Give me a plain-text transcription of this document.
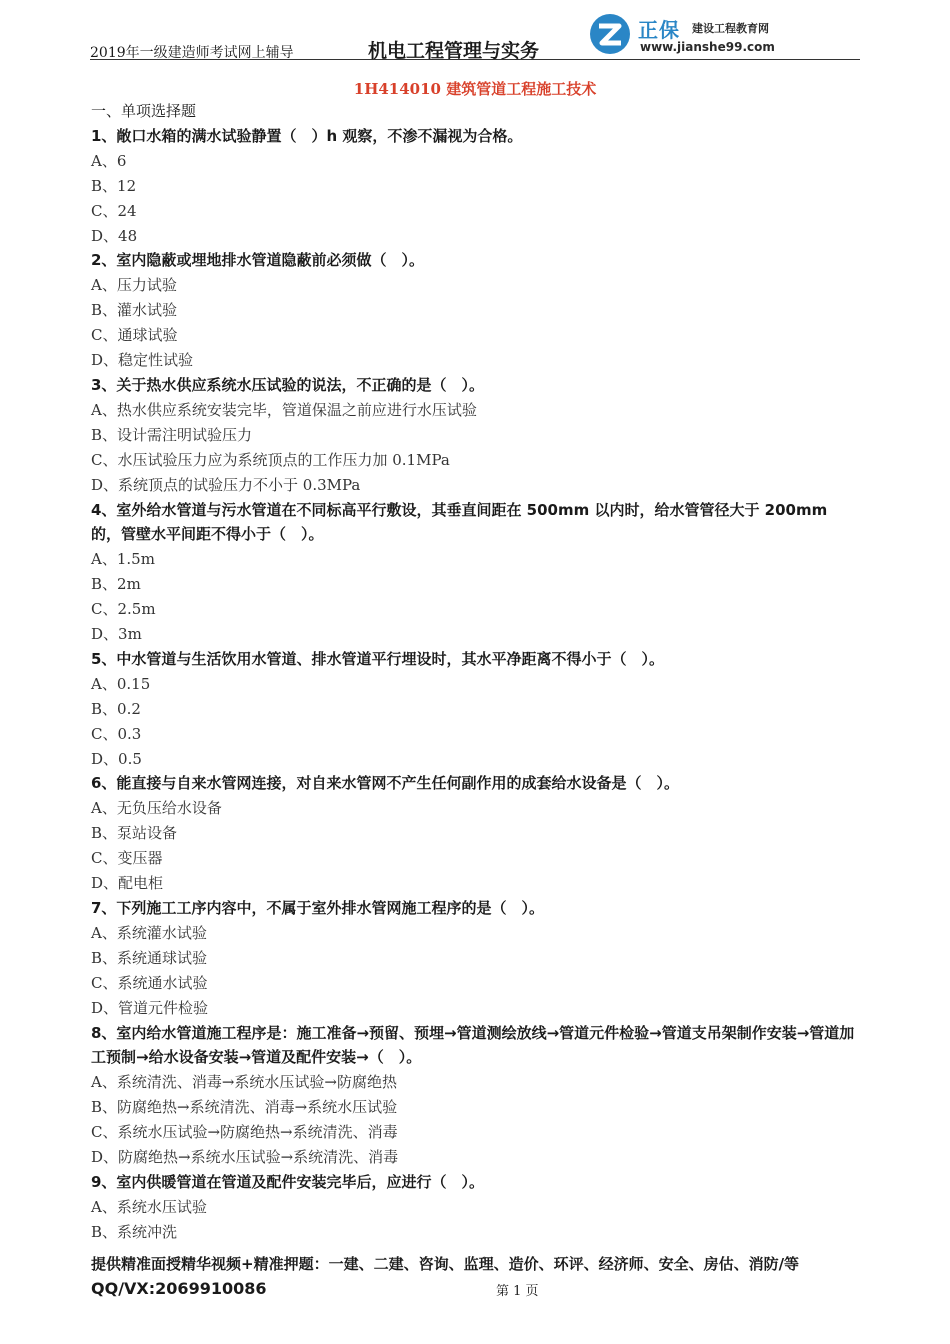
2019年一级建造师考试网上辅导	机电工程管理与实务
正保 建设工程教育网
www.jianshe99.com
1H414010 建筑管道工程施工技术
一、单项选择题
1、敞口水箱的满水试验静置（　）h 观察，不渗不漏视为合格。
A、6
B、12
C、24
D、48
2、室内隐蔽或埋地排水管道隐蔽前必须做（　）。
A、压力试验
B、灌水试验
C、通球试验
D、稳定性试验
3、关于热水供应系统水压试验的说法，不正确的是（　）。
A、热水供应系统安装完毕，管道保温之前应进行水压试验
B、设计需注明试验压力
C、水压试验压力应为系统顶点的工作压力加 0.1MPa
D、系统顶点的试验压力不小于 0.3MPa
4、室外给水管道与污水管道在不同标高平行敷设，其垂直间距在 500mm 以内时，给水管管径大于 200mm 的，管壁水平间距不得小于（　）。
A、1.5m
B、2m
C、2.5m
D、3m
5、中水管道与生活饮用水管道、排水管道平行埋设时，其水平净距离不得小于（　）。
A、0.15
B、0.2
C、0.3
D、0.5
6、能直接与自来水管网连接，对自来水管网不产生任何副作用的成套给水设备是（　）。
A、无负压给水设备
B、泵站设备
C、变压器
D、配电柜
7、下列施工工序内容中，不属于室外排水管网施工程序的是（　）。
A、系统灌水试验
B、系统通球试验
C、系统通水试验
D、管道元件检验
8、室内给水管道施工程序是：施工准备→预留、预埋→管道测绘放线→管道元件检验→管道支吊架制作安装→管道加工预制→给水设备安装→管道及配件安装→（　）。
A、系统清洗、消毒→系统水压试验→防腐绝热
B、防腐绝热→系统清洗、消毒→系统水压试验
C、系统水压试验→防腐绝热→系统清洗、消毒
D、防腐绝热→系统水压试验→系统清洗、消毒
9、室内供暖管道在管道及配件安装完毕后，应进行（　）。
A、系统水压试验
B、系统冲洗
提供精准面授精华视频+精准押题：一建、二建、咨询、监理、造价、环评、经济师、安全、房估、消防/等
QQ/VX:2069910086	第 1 页
